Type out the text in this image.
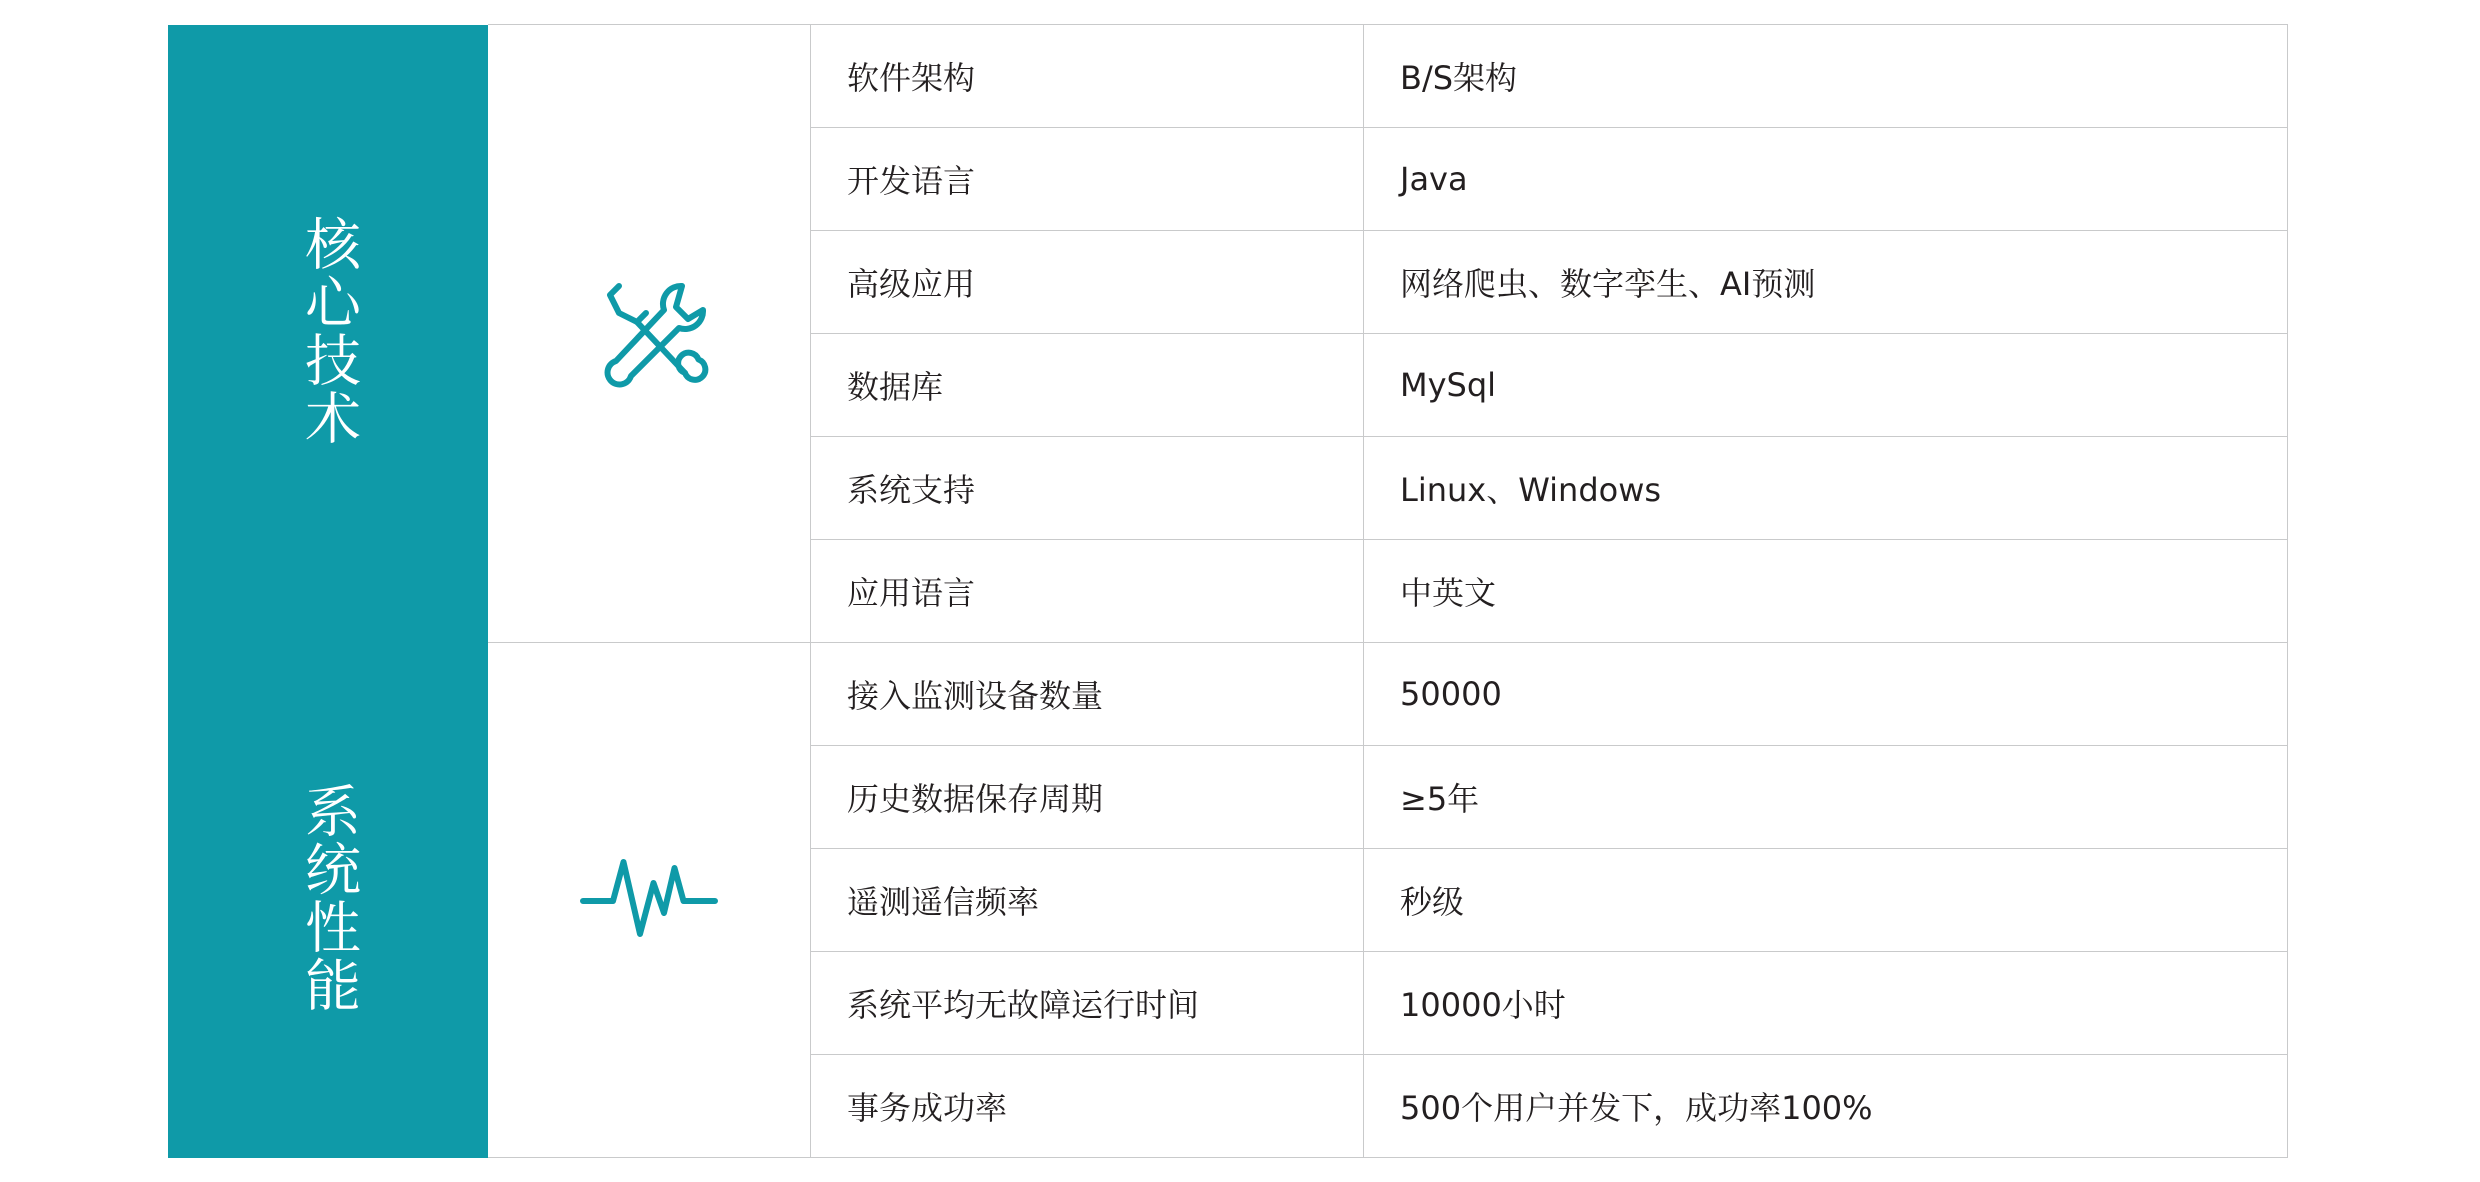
核心技术		软件架构	B/S架构
		开发语言	Java
		高级应用	网络爬虫、数字孪生、AI预测
		数据库	MySql
		系统支持	Linux、Windows
		应用语言	中英文
系统性能		接入监测设备数量	50000
		历史数据保存周期	≥5年
		遥测遥信频率	秒级
		系统平均无故障运行时间	10000小时
		事务成功率	500个用户并发下，成功率100%
